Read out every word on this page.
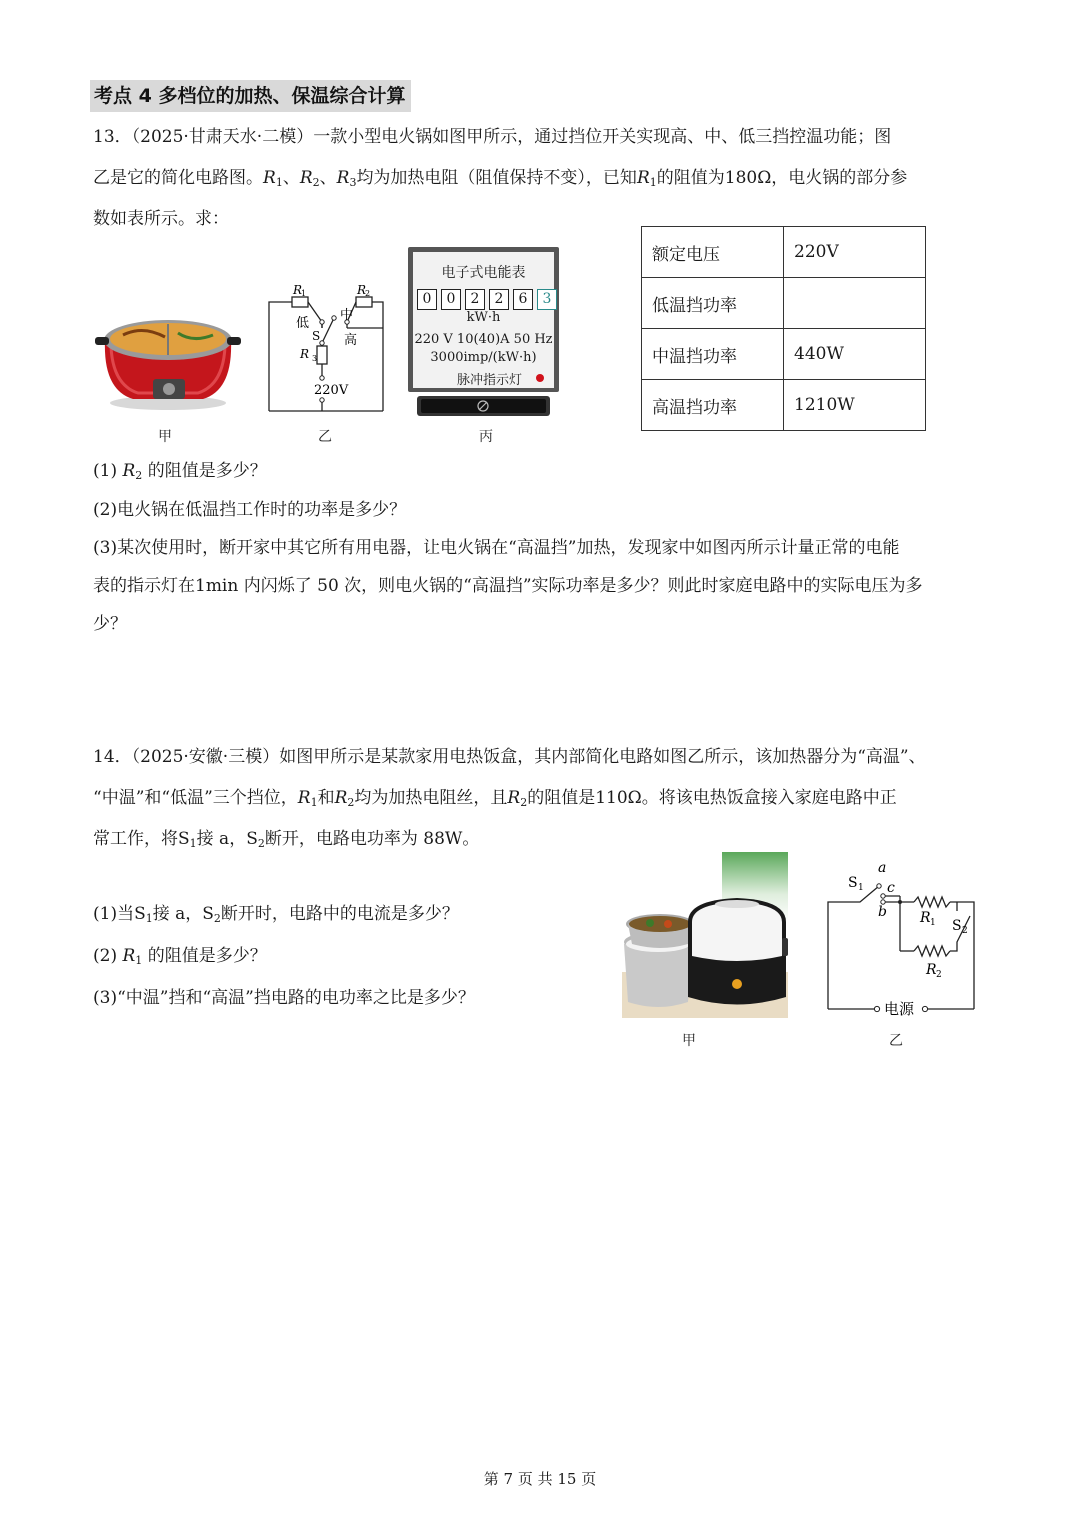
考点 4 多档位的加热、保温综合计算

13．（2025·甘肃天水·二模）一款小型电火锅如图甲所示，通过挡位开关实现高、中、低三挡控温功能；图

乙是它的简化电路图。$R_1$、$R_2$、$R_3$均为加热电阻（阻值保持不变），已知$R_1$的阻值为180Ω，电火锅的部分参

数如表所示。求：

甲
R
1	R
2
R 3
低
中
高
S
220V
乙
电子式电能表
0	0	2	2	6	3
kW·h
220 V 10(40)A 50 Hz
3000imp/(kW·h)
脉冲指示灯
丙
额定电压	220V
低温挡功率	
中温挡功率	440W
高温挡功率	1210W
(1) $R_2$ 的阻值是多少？
(2)电火锅在低温挡工作时的功率是多少？
(3)某次使用时，断开家中其它所有用电器，让电火锅在“高温挡”加热，发现家中如图丙所示计量正常的电能
表的指示灯在1min 内闪烁了 50 次，则电火锅的“高温挡”实际功率是多少？则此时家庭电路中的实际电压为多
少？

14．（2025·安徽·三模）如图甲所示是某款家用电热饭盒，其内部简化电路如图乙所示，该加热器分为“高温”、

“中温”和“低温”三个挡位，$R_1$和$R_2$均为加热电阻丝，且$R_2$的阻值是110Ω。将该电热饭盒接入家庭电路中正

常工作，将$S_1$接 a，$S_2$断开，电路电功率为 88W。

(1)当$S_1$接 a，$S_2$断开时，电路中的电流是多少？
(2) $R_1$ 的阻值是多少？
(3)“中温”挡和“高温”挡电路的电功率之比是多少？
甲
a
c
b
S 1
R 1 S 2
R 2
电源
乙
第 7 页 共 15 页
